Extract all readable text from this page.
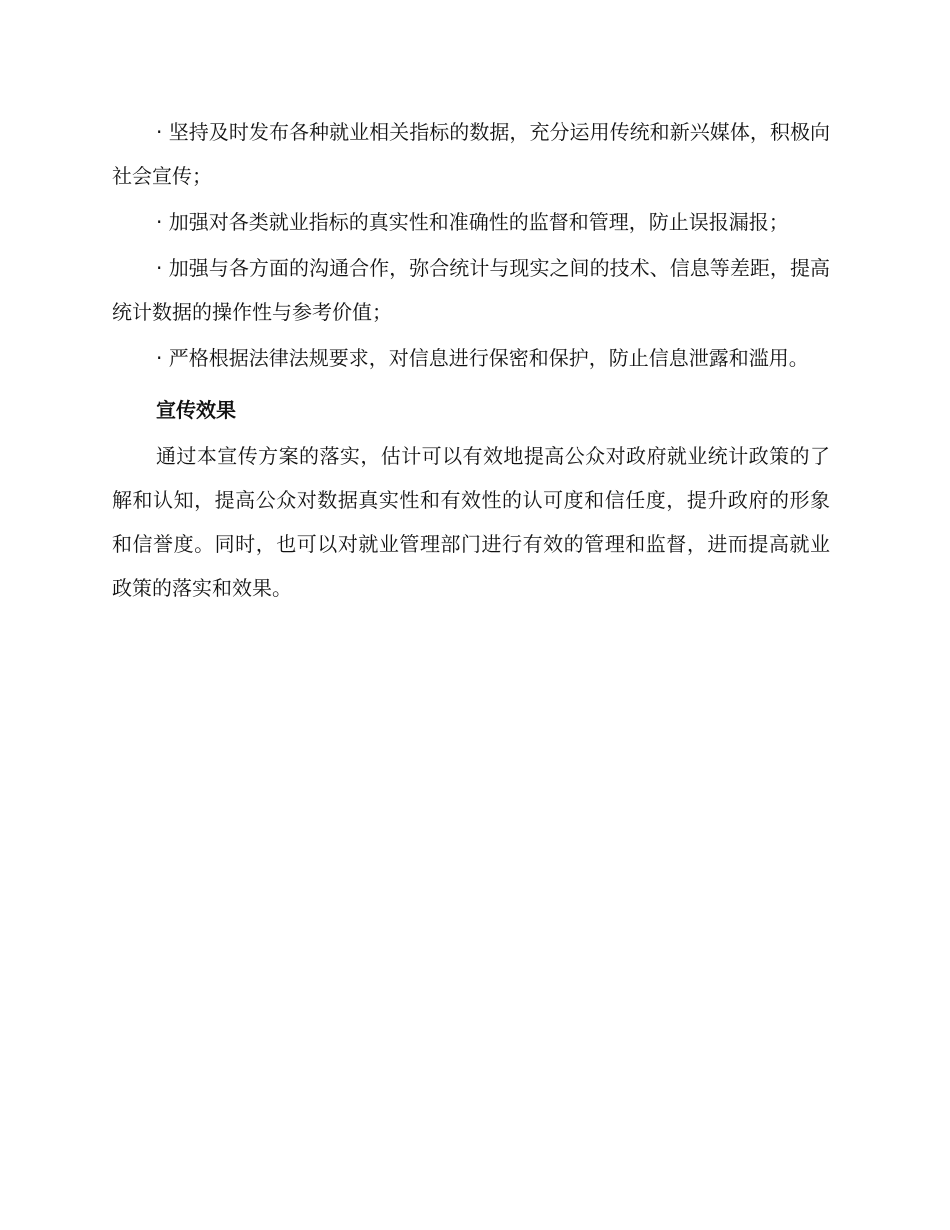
· 坚持及时发布各种就业相关指标的数据，充分运用传统和新兴媒体，积极向社会宣传；

· 加强对各类就业指标的真实性和准确性的监督和管理，防止误报漏报；

· 加强与各方面的沟通合作，弥合统计与现实之间的技术、信息等差距，提高统计数据的操作性与参考价值；

· 严格根据法律法规要求，对信息进行保密和保护，防止信息泄露和滥用。

宣传效果

通过本宣传方案的落实，估计可以有效地提高公众对政府就业统计政策的了解和认知，提高公众对数据真实性和有效性的认可度和信任度，提升政府的形象和信誉度。同时，也可以对就业管理部门进行有效的管理和监督，进而提高就业政策的落实和效果。
